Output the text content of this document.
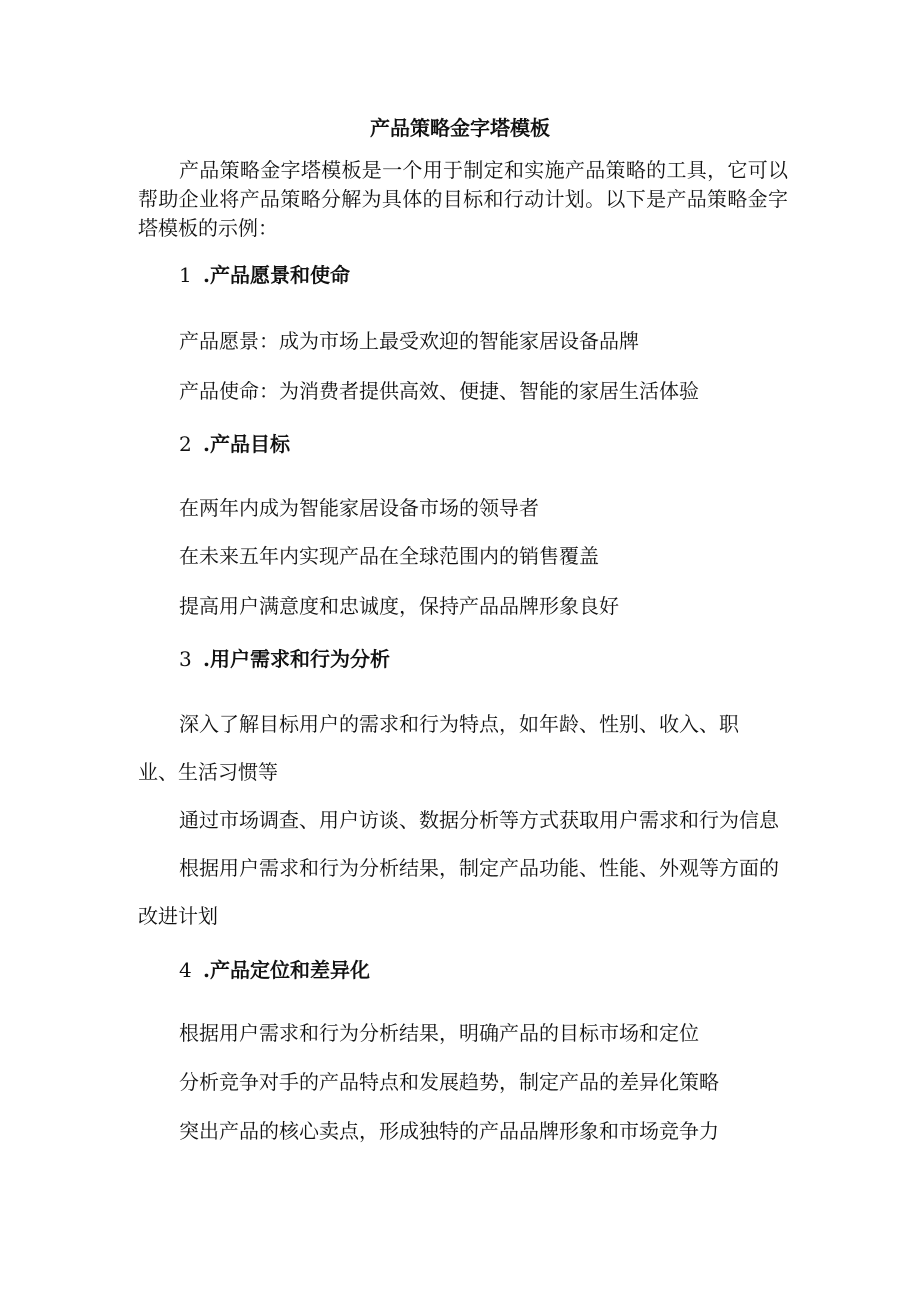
产品策略金字塔模板

产品策略金字塔模板是一个用于制定和实施产品策略的工具，它可以帮助企业将产品策略分解为具体的目标和行动计划。以下是产品策略金字塔模板的示例：

1 .产品愿景和使命
产品愿景：成为市场上最受欢迎的智能家居设备品牌
产品使命：为消费者提供高效、便捷、智能的家居生活体验
2 .产品目标
在两年内成为智能家居设备市场的领导者
在未来五年内实现产品在全球范围内的销售覆盖
提高用户满意度和忠诚度，保持产品品牌形象良好
3 .用户需求和行为分析
深入了解目标用户的需求和行为特点，如年龄、性别、收入、职
业、生活习惯等
通过市场调查、用户访谈、数据分析等方式获取用户需求和行为信息
根据用户需求和行为分析结果，制定产品功能、性能、外观等方面的
改进计划
4 .产品定位和差异化
根据用户需求和行为分析结果，明确产品的目标市场和定位
分析竞争对手的产品特点和发展趋势，制定产品的差异化策略
突出产品的核心卖点，形成独特的产品品牌形象和市场竞争力
